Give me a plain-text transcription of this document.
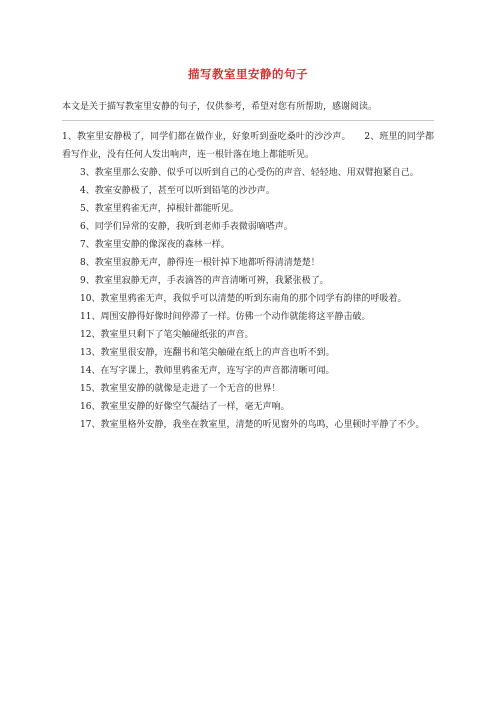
描写教室里安静的句子
本文是关于描写教室里安静的句子，仅供参考，希望对您有所帮助，感谢阅读。

1、教室里安静极了，同学们都在做作业，好象听到蚕吃桑叶的沙沙声。　　2、班里的同学都看写作业，没有任何人发出响声，连一根针落在地上都能听见。

3、教室里那么安静、似乎可以听到自己的心受伤的声音、轻轻地、用双臂抱紧自己。

4、教室安静极了，甚至可以听到铅笔的沙沙声。

5、教室里鸦雀无声，掉根针都能听见。

6、同学们异常的安静，我听到老师手表微弱嘀嗒声。

7、教室里安静的像深夜的森林一样。

8、教室里寂静无声，静得连一根针掉下地都听得清清楚楚！

9、教室里寂静无声，手表滴答的声音清晰可辨，我紧张极了。

10、教室里鸦雀无声，我似乎可以清楚的听到东南角的那个同学有韵律的呼吸着。

11、周围安静得好像时间停滞了一样。仿佛一个动作就能将这平静击破。

12、教室里只剩下了笔尖触碰纸张的声音。

13、教室里很安静，连翻书和笔尖触碰在纸上的声音也听不到。

14、在写字课上，教师里鸦雀无声，连写字的声音都清晰可闻。

15、教室里安静的就像是走进了一个无音的世界！

16、教室里安静的好像空气凝结了一样，毫无声响。

17、教室里格外安静，我坐在教室里，清楚的听见窗外的鸟鸣，心里顿时平静了不少。
